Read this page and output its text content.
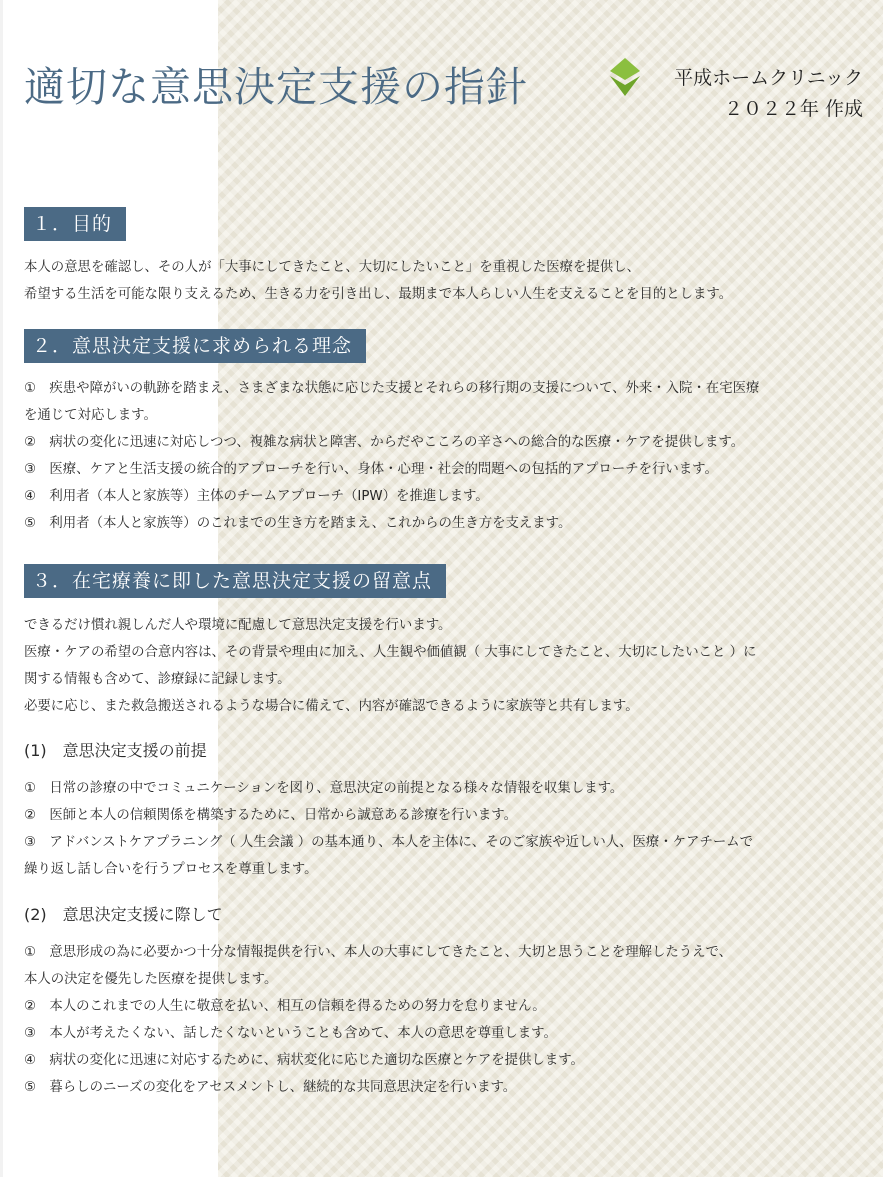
適切な意思決定支援の指針	平成ホームクリニック
２０２２年 作成
１．目的

本人の意思を確認し、その人が「大事にしてきたこと、大切にしたいこと」を重視した医療を提供し、

希望する生活を可能な限り支えるため、生きる力を引き出し、最期まで本人らしい人生を支えることを目的とします。

２．意思決定支援に求められる理念

①　疾患や障がいの軌跡を踏まえ、さまざまな状態に応じた支援とそれらの移行期の支援について、外来・入院・在宅医療

を通じて対応します。

②　病状の変化に迅速に対応しつつ、複雑な病状と障害、からだやこころの辛さへの総合的な医療・ケアを提供します。

③　医療、ケアと生活支援の統合的アプローチを行い、身体・心理・社会的問題への包括的アプローチを行います。

④　利用者（本人と家族等）主体のチームアプローチ（IPW）を推進します。

⑤　利用者（本人と家族等）のこれまでの生き方を踏まえ、これからの生き方を支えます。

３．在宅療養に即した意思決定支援の留意点

できるだけ慣れ親しんだ人や環境に配慮して意思決定支援を行います。

医療・ケアの希望の合意内容は、その背景や理由に加え、人生観や価値観（ 大事にしてきたこと、大切にしたいこと ）に

関する情報も含めて、診療録に記録します。

必要に応じ、また救急搬送されるような場合に備えて、内容が確認できるように家族等と共有します。

(1)　意思決定支援の前提

①　日常の診療の中でコミュニケーションを図り、意思決定の前提となる様々な情報を収集します。

②　医師と本人の信頼関係を構築するために、日常から誠意ある診療を行います。

③　アドバンストケアプラニング（ 人生会議 ）の基本通り、本人を主体に、そのご家族や近しい人、医療・ケアチームで

繰り返し話し合いを行うプロセスを尊重します。

(2)　意思決定支援に際して

①　意思形成の為に必要かつ十分な情報提供を行い、本人の大事にしてきたこと、大切と思うことを理解したうえで、

本人の決定を優先した医療を提供します。

②　本人のこれまでの人生に敬意を払い、相互の信頼を得るための努力を怠りません。

③　本人が考えたくない、話したくないということも含めて、本人の意思を尊重します。

④　病状の変化に迅速に対応するために、病状変化に応じた適切な医療とケアを提供します。

⑤　暮らしのニーズの変化をアセスメントし、継続的な共同意思決定を行います。
